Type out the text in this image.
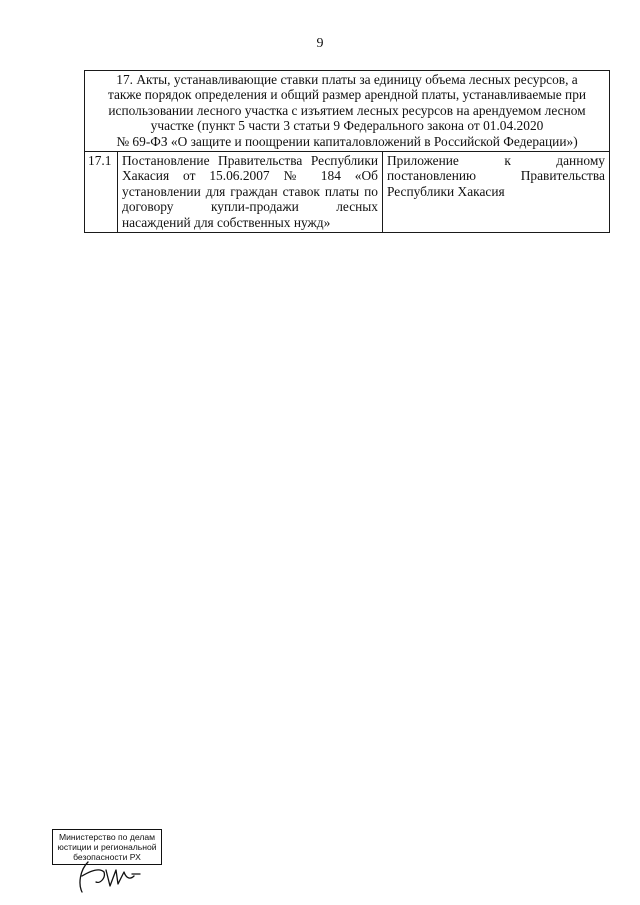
9
17. Акты, устанавливающие ставки платы за единицу объема лесных ресурсов, а
также порядок определения и общий размер арендной платы, устанавливаемые при
использовании лесного участка с изъятием лесных ресурсов на арендуемом лесном
участке (пункт 5 части 3 статьи 9 Федерального закона от 01.04.2020
№ 69-ФЗ «О защите и поощрении капиталовложений в Российской Федерации»)

17.1	Постановление Правительства Республики Хакасия от 15.06.2007 № 184 «Об установлении для граждан ставок платы по договору купли-продажи лесных насаждений для собственных нужд»	Приложение к данному постановлению Правительства Республики Хакасия
Министерство по делам
юстиции и региональной
безопасности РХ
